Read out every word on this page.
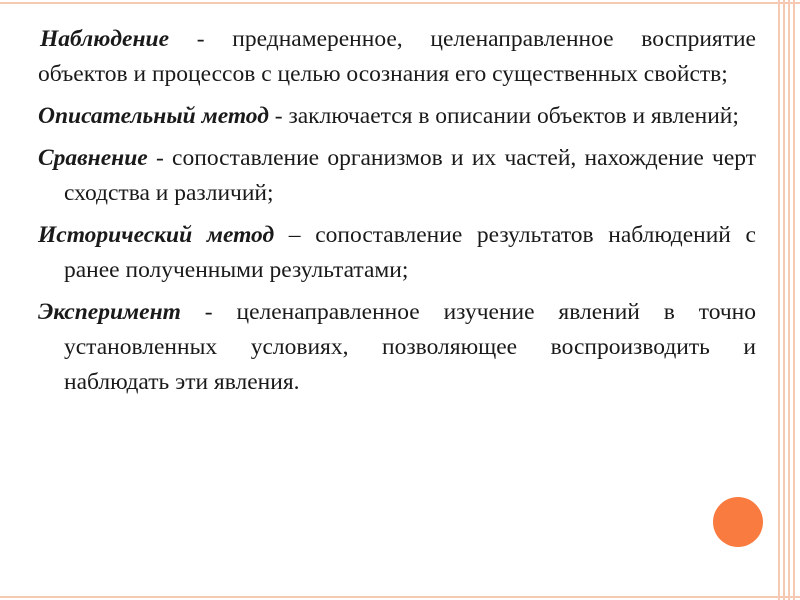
Наблюдение - преднамеренное, целенаправленное восприятие объектов и процессов с целью осознания его существенных свойств;

Описательный метод - заключается в описании объектов и явлений;

Сравнение - сопоставление организмов и их частей, нахождение черт сходства и различий;

Исторический метод – сопоставление результатов наблюдений с ранее полученными результатами;

Эксперимент - целенаправленное изучение явлений в точно установленных условиях, позволяющее воспроизводить и наблюдать эти явления.
